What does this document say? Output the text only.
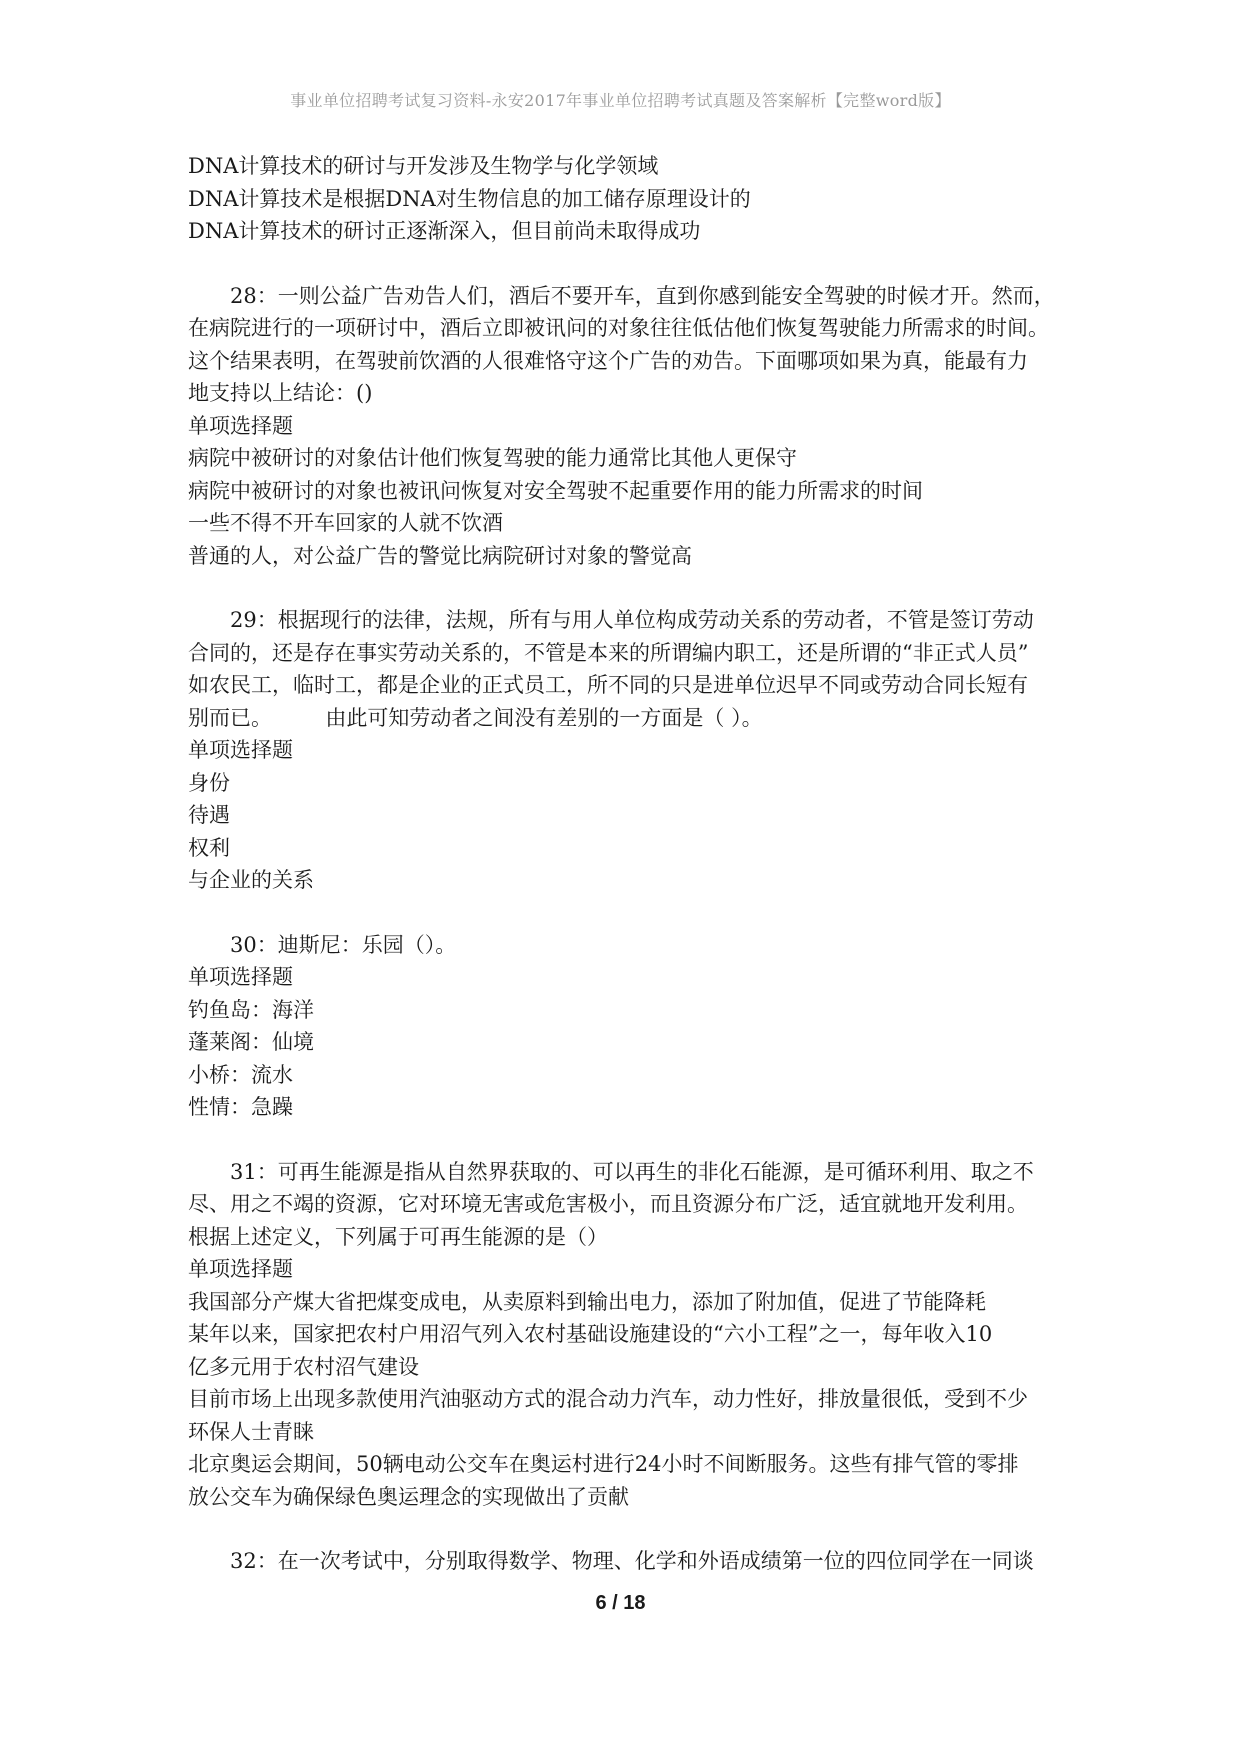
事业单位招聘考试复习资料-永安2017年事业单位招聘考试真题及答案解析【完整word版】
DNA计算技术的研讨与开发涉及生物学与化学领域
DNA计算技术是根据DNA对生物信息的加工储存原理设计的
DNA计算技术的研讨正逐渐深入，但目前尚未取得成功
28：一则公益广告劝告人们，酒后不要开车，直到你感到能安全驾驶的时候才开。然而，
在病院进行的一项研讨中，酒后立即被讯问的对象往往低估他们恢复驾驶能力所需求的时间。
这个结果表明，在驾驶前饮酒的人很难恪守这个广告的劝告。下面哪项如果为真，能最有力
地支持以上结论：()
单项选择题
病院中被研讨的对象估计他们恢复驾驶的能力通常比其他人更保守
病院中被研讨的对象也被讯问恢复对安全驾驶不起重要作用的能力所需求的时间
一些不得不开车回家的人就不饮酒
普通的人，对公益广告的警觉比病院研讨对象的警觉高
29：根据现行的法律，法规，所有与用人单位构成劳动关系的劳动者，不管是签订劳动
合同的，还是存在事实劳动关系的，不管是本来的所谓编内职工，还是所谓的“非正式人员”
如农民工，临时工，都是企业的正式员工，所不同的只是进单位迟早不同或劳动合同长短有
别而已。        由此可知劳动者之间没有差别的一方面是（ ）。
单项选择题
身份
待遇
权利
与企业的关系
30：迪斯尼：乐园（）。
单项选择题
钓鱼岛：海洋
蓬莱阁：仙境
小桥：流水
性情：急躁
31：可再生能源是指从自然界获取的、可以再生的非化石能源，是可循环利用、取之不
尽、用之不竭的资源，它对环境无害或危害极小，而且资源分布广泛，适宜就地开发利用。
根据上述定义，下列属于可再生能源的是（）
单项选择题
我国部分产煤大省把煤变成电，从卖原料到输出电力，添加了附加值，促进了节能降耗
某年以来，国家把农村户用沼气列入农村基础设施建设的“六小工程”之一，每年收入10
亿多元用于农村沼气建设
目前市场上出现多款使用汽油驱动方式的混合动力汽车，动力性好，排放量很低，受到不少
环保人士青睐
北京奥运会期间，50辆电动公交车在奥运村进行24小时不间断服务。这些有排气管的零排
放公交车为确保绿色奥运理念的实现做出了贡献
32：在一次考试中，分别取得数学、物理、化学和外语成绩第一位的四位同学在一同谈
6 / 18
